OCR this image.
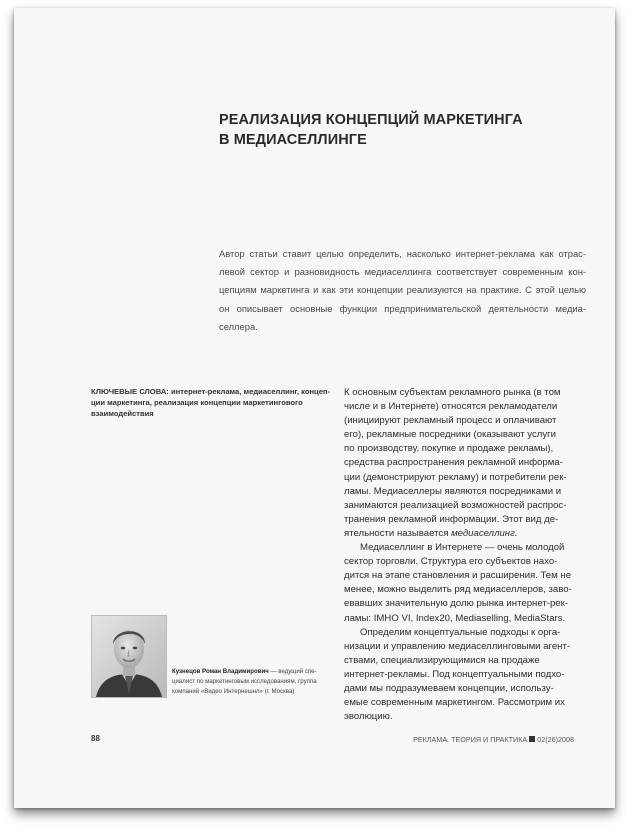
РЕАЛИЗАЦИЯ КОНЦЕПЦИЙ МАРКЕТИНГА
В МЕДИАСЕЛЛИНГЕ

Автор статьи ставит целью определить, насколько интернет-реклама как отрас-
левой сектор и разновидность медиаселлинга соответствует современным кон-
цепциям маркетинга и как эти концепции реализуются на практике. С этой целью
он описывает основные функции предпринимательской деятельности медиа-
селлера.

КЛЮЧЕВЫЕ СЛОВА: интернет-реклама, медиаселлинг, концеп-
ции маркетинга, реализация концепции маркетингового
взаимодействия

К основным субъектам рекламного рынка (в том
числе и в Интернете) относятся рекламодатели
(инициируют рекламный процесс и оплачивают
его), рекламные посредники (оказывают услуги
по производству, покупке и продаже рекламы),
средства распространения рекламной информа-
ции (демонстрируют рекламу) и потребители рек-
ламы. Медиаселлеры являются посредниками и
занимаются реализацией возможностей распрос-
транения рекламной информации. Этот вид де-
ятельности называется медиаселлинг.
Медиаселлинг в Интернете — очень молодой
сектор торговли. Структура его субъектов нахо-
дится на этапе становления и расширения. Тем не
менее, можно выделить ряд медиаселлеров, заво-
евавших значительную долю рынка интернет-рек-
ламы: IMHO VI, Index20, Mediaselling, MediaStars.
Определим концептуальные подходы к орга-
низации и управлению медиаселлинговыми агент-
ствами, специализирующимися на продаже
интернет-рекламы. Под концептуальными подхо-
дами мы подразумеваем концепции, использу-
емые современным маркетингом. Рассмотрим их
эволюцию.

Кузнецов Роман Владимирович — ведущий спе-
циалист по маркетинговым исследованиям, группа
компаний «Видео Интернешнл» (г. Москва)

88	РЕКЛАМА. ТЕОРИЯ И ПРАКТИКА 02(26)2008
